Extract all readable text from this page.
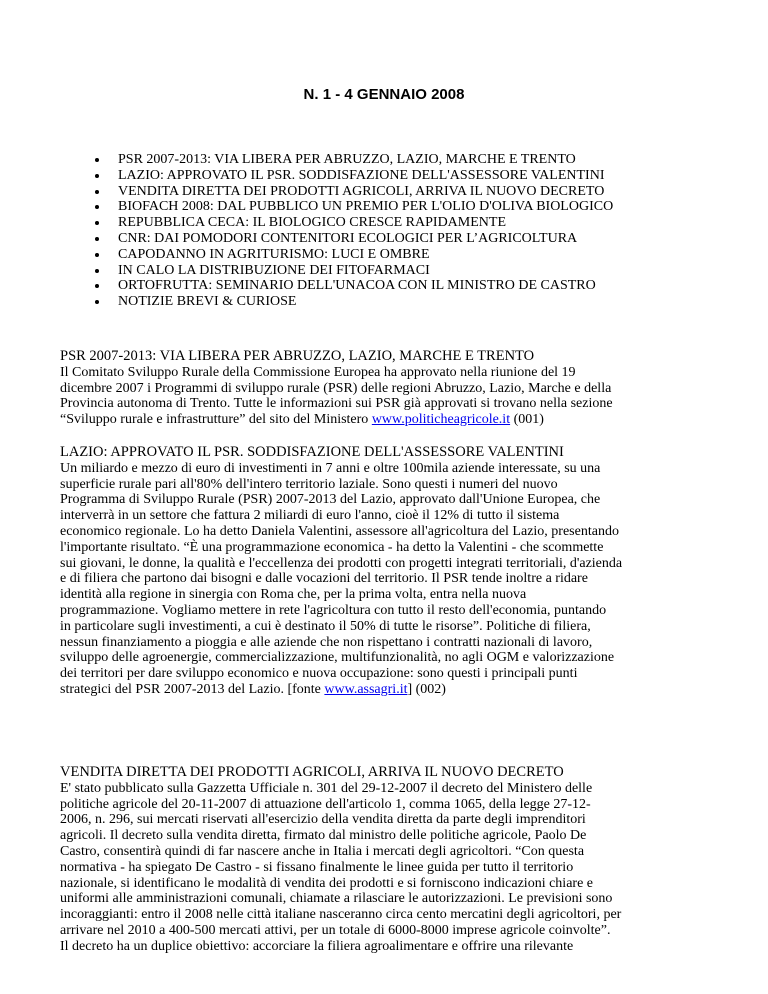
N. 1 - 4 GENNAIO 2008
PSR 2007-2013: VIA LIBERA PER ABRUZZO, LAZIO, MARCHE E TRENTO
LAZIO: APPROVATO IL PSR. SODDISFAZIONE DELL'ASSESSORE VALENTINI
VENDITA DIRETTA DEI PRODOTTI AGRICOLI, ARRIVA IL NUOVO DECRETO
BIOFACH 2008: DAL PUBBLICO UN PREMIO PER L'OLIO D'OLIVA BIOLOGICO
REPUBBLICA CECA: IL BIOLOGICO CRESCE RAPIDAMENTE
CNR: DAI POMODORI CONTENITORI ECOLOGICI PER L’AGRICOLTURA
CAPODANNO IN AGRITURISMO: LUCI E OMBRE
IN CALO LA DISTRIBUZIONE DEI FITOFARMACI
ORTOFRUTTA: SEMINARIO DELL'UNACOA CON IL MINISTRO DE CASTRO
NOTIZIE BREVI & CURIOSE
PSR 2007-2013: VIA LIBERA PER ABRUZZO, LAZIO, MARCHE E TRENTO

Il Comitato Sviluppo Rurale della Commissione Europea ha approvato nella riunione del 19
dicembre 2007 i Programmi di sviluppo rurale (PSR) delle regioni Abruzzo, Lazio, Marche e della
Provincia autonoma di Trento. Tutte le informazioni sui PSR già approvati si trovano nella sezione
“Sviluppo rurale e infrastrutture” del sito del Ministero www.politicheagricole.it (001)

LAZIO: APPROVATO IL PSR. SODDISFAZIONE DELL'ASSESSORE VALENTINI

Un miliardo e mezzo di euro di investimenti in 7 anni e oltre 100mila aziende interessate, su una
superficie rurale pari all'80% dell'intero territorio laziale. Sono questi i numeri del nuovo
Programma di Sviluppo Rurale (PSR) 2007-2013 del Lazio, approvato dall'Unione Europea, che
interverrà in un settore che fattura 2 miliardi di euro l'anno, cioè il 12% di tutto il sistema
economico regionale. Lo ha detto Daniela Valentini, assessore all'agricoltura del Lazio, presentando
l'importante risultato. “È una programmazione economica - ha detto la Valentini - che scommette
sui giovani, le donne, la qualità e l'eccellenza dei prodotti con progetti integrati territoriali, d'azienda
e di filiera che partono dai bisogni e dalle vocazioni del territorio. Il PSR tende inoltre a ridare
identità alla regione in sinergia con Roma che, per la prima volta, entra nella nuova
programmazione. Vogliamo mettere in rete l'agricoltura con tutto il resto dell'economia, puntando
in particolare sugli investimenti, a cui è destinato il 50% di tutte le risorse”. Politiche di filiera,
nessun finanziamento a pioggia e alle aziende che non rispettano i contratti nazionali di lavoro,
sviluppo delle agroenergie, commercializzazione, multifunzionalità, no agli OGM e valorizzazione
dei territori per dare sviluppo economico e nuova occupazione: sono questi i principali punti
strategici del PSR 2007-2013 del Lazio. [fonte www.assagri.it] (002)

VENDITA DIRETTA DEI PRODOTTI AGRICOLI, ARRIVA IL NUOVO DECRETO

E' stato pubblicato sulla Gazzetta Ufficiale n. 301 del 29-12-2007 il decreto del Ministero delle
politiche agricole del 20-11-2007 di attuazione dell'articolo 1, comma 1065, della legge 27-12-
2006, n. 296, sui mercati riservati all'esercizio della vendita diretta da parte degli imprenditori
agricoli. Il decreto sulla vendita diretta, firmato dal ministro delle politiche agricole, Paolo De
Castro, consentirà quindi di far nascere anche in Italia i mercati degli agricoltori. “Con questa
normativa - ha spiegato De Castro - si fissano finalmente le linee guida per tutto il territorio
nazionale, si identificano le modalità di vendita dei prodotti e si forniscono indicazioni chiare e
uniformi alle amministrazioni comunali, chiamate a rilasciare le autorizzazioni. Le previsioni sono
incoraggianti: entro il 2008 nelle città italiane nasceranno circa cento mercatini degli agricoltori, per
arrivare nel 2010 a 400-500 mercati attivi, per un totale di 6000-8000 imprese agricole coinvolte”.
Il decreto ha un duplice obiettivo: accorciare la filiera agroalimentare e offrire una rilevante
